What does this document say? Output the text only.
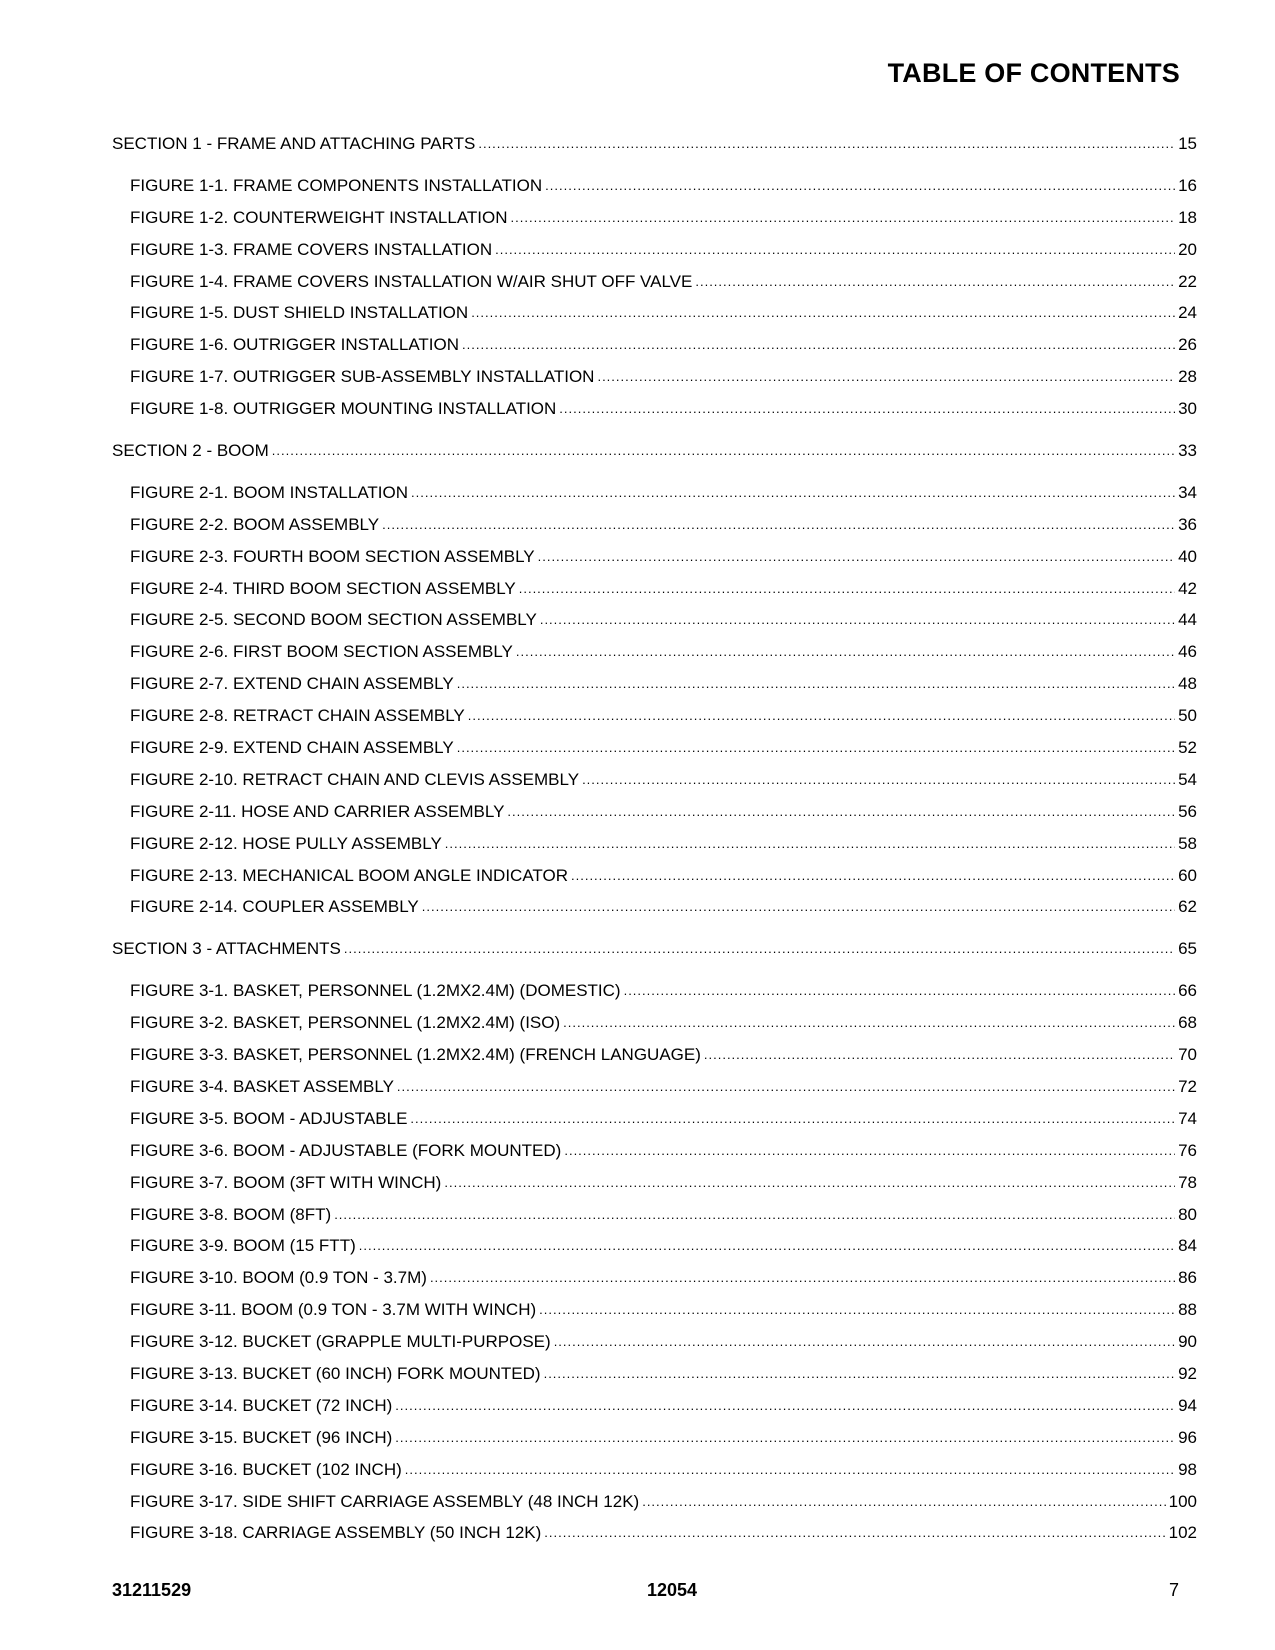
TABLE OF CONTENTS
SECTION 1 - FRAME AND ATTACHING PARTS .....	15
FIGURE 1-1. FRAME COMPONENTS INSTALLATION .....	16
FIGURE 1-2. COUNTERWEIGHT INSTALLATION .....	18
FIGURE 1-3. FRAME COVERS INSTALLATION .....	20
FIGURE 1-4. FRAME COVERS INSTALLATION W/AIR SHUT OFF VALVE .....	22
FIGURE 1-5. DUST SHIELD INSTALLATION .....	24
FIGURE 1-6. OUTRIGGER INSTALLATION .....	26
FIGURE 1-7. OUTRIGGER SUB-ASSEMBLY INSTALLATION .....	28
FIGURE 1-8. OUTRIGGER MOUNTING INSTALLATION .....	30
SECTION 2 - BOOM .....	33
FIGURE 2-1. BOOM INSTALLATION .....	34
FIGURE 2-2. BOOM ASSEMBLY .....	36
FIGURE 2-3. FOURTH BOOM SECTION ASSEMBLY .....	40
FIGURE 2-4. THIRD BOOM SECTION ASSEMBLY .....	42
FIGURE 2-5. SECOND BOOM SECTION ASSEMBLY .....	44
FIGURE 2-6. FIRST BOOM SECTION ASSEMBLY .....	46
FIGURE 2-7. EXTEND CHAIN ASSEMBLY .....	48
FIGURE 2-8. RETRACT CHAIN ASSEMBLY .....	50
FIGURE 2-9. EXTEND CHAIN ASSEMBLY .....	52
FIGURE 2-10. RETRACT CHAIN AND CLEVIS ASSEMBLY .....	54
FIGURE 2-11. HOSE AND CARRIER ASSEMBLY .....	56
FIGURE 2-12. HOSE PULLY ASSEMBLY .....	58
FIGURE 2-13. MECHANICAL BOOM ANGLE INDICATOR .....	60
FIGURE 2-14. COUPLER ASSEMBLY .....	62
SECTION 3 - ATTACHMENTS .....	65
FIGURE 3-1. BASKET, PERSONNEL (1.2MX2.4M) (DOMESTIC) .....	66
FIGURE 3-2. BASKET, PERSONNEL (1.2MX2.4M) (ISO) .....	68
FIGURE 3-3. BASKET, PERSONNEL (1.2MX2.4M) (FRENCH LANGUAGE) .....	70
FIGURE 3-4. BASKET ASSEMBLY .....	72
FIGURE 3-5. BOOM - ADJUSTABLE .....	74
FIGURE 3-6. BOOM - ADJUSTABLE (FORK MOUNTED) .....	76
FIGURE 3-7. BOOM (3FT WITH WINCH) .....	78
FIGURE 3-8. BOOM (8FT) .....	80
FIGURE 3-9. BOOM (15 FTT) .....	84
FIGURE 3-10. BOOM (0.9 TON - 3.7M) .....	86
FIGURE 3-11. BOOM (0.9 TON - 3.7M WITH WINCH) .....	88
FIGURE 3-12. BUCKET (GRAPPLE MULTI-PURPOSE) .....	90
FIGURE 3-13. BUCKET (60 INCH) FORK MOUNTED) .....	92
FIGURE 3-14. BUCKET (72 INCH) .....	94
FIGURE 3-15. BUCKET (96 INCH) .....	96
FIGURE 3-16. BUCKET (102 INCH) .....	98
FIGURE 3-17. SIDE SHIFT CARRIAGE ASSEMBLY (48 INCH 12K) .....	100
FIGURE 3-18. CARRIAGE ASSEMBLY (50 INCH 12K) .....	102
31211529	12054	7
